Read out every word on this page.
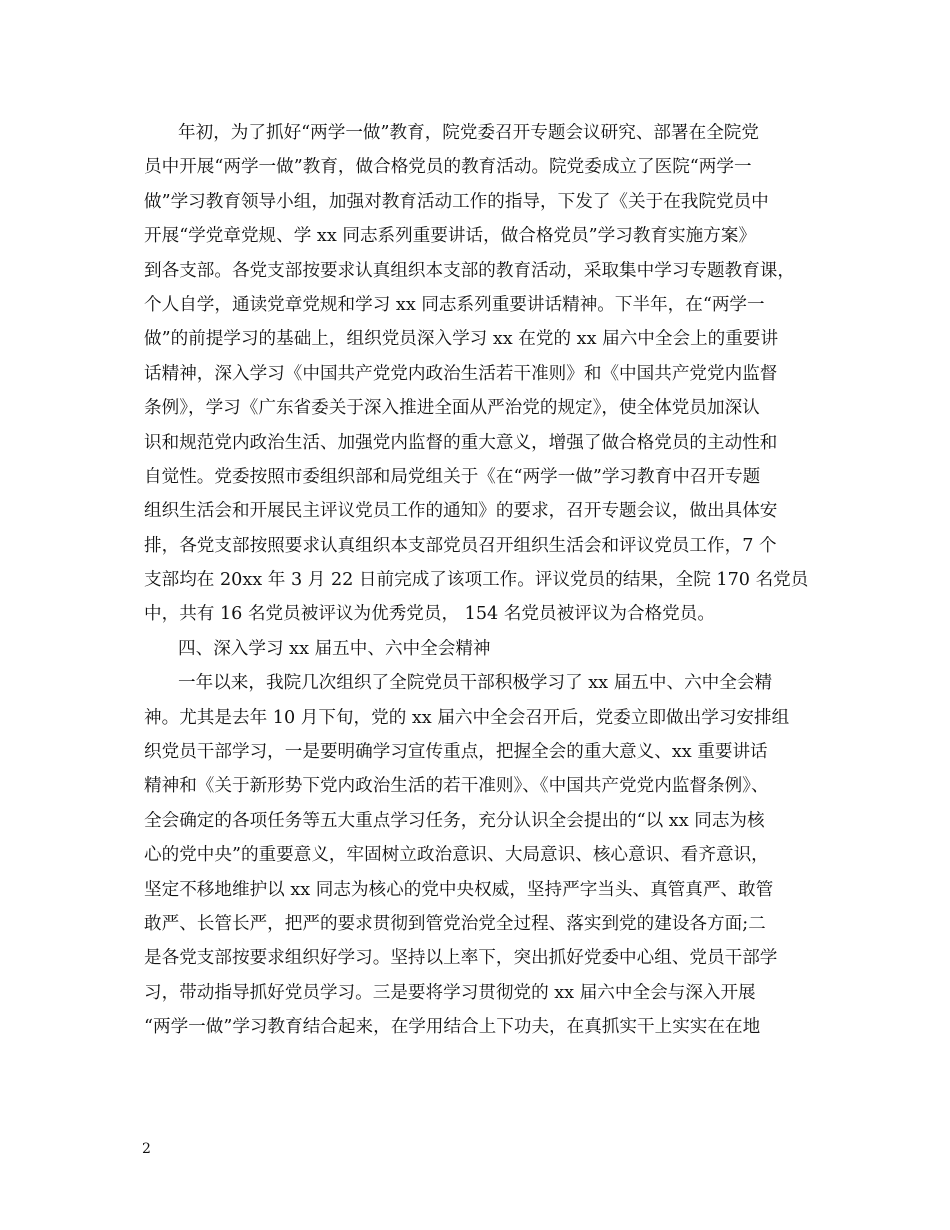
年初，为了抓好“两学一做”教育，院党委召开专题会议研究、部署在全院党
员中开展“两学一做”教育，做合格党员的教育活动。院党委成立了医院“两学一
做”学习教育领导小组，加强对教育活动工作的指导，下发了《关于在我院党员中
开展“学党章党规、学 xx 同志系列重要讲话，做合格党员”学习教育实施方案》
到各支部。各党支部按要求认真组织本支部的教育活动，采取集中学习专题教育课，
个人自学，通读党章党规和学习 xx 同志系列重要讲话精神。下半年，在“两学一
做”的前提学习的基础上，组织党员深入学习 xx 在党的 xx 届六中全会上的重要讲
话精神，深入学习《中国共产党党内政治生活若干准则》和《中国共产党党内监督
条例》，学习《广东省委关于深入推进全面从严治党的规定》，使全体党员加深认
识和规范党内政治生活、加强党内监督的重大意义，增强了做合格党员的主动性和
自觉性。党委按照市委组织部和局党组关于《在“两学一做”学习教育中召开专题
组织生活会和开展民主评议党员工作的通知》的要求，召开专题会议，做出具体安
排，各党支部按照要求认真组织本支部党员召开组织生活会和评议党员工作，7 个
支部均在 20xx 年 3 月 22 日前完成了该项工作。评议党员的结果，全院 170 名党员
中，共有 16 名党员被评议为优秀党员， 154 名党员被评议为合格党员。
四、深入学习 xx 届五中、六中全会精神
一年以来，我院几次组织了全院党员干部积极学习了 xx 届五中、六中全会精
神。尤其是去年 10 月下旬，党的 xx 届六中全会召开后，党委立即做出学习安排组
织党员干部学习，一是要明确学习宣传重点，把握全会的重大意义、xx 重要讲话
精神和《关于新形势下党内政治生活的若干准则》、《中国共产党党内监督条例》、
全会确定的各项任务等五大重点学习任务，充分认识全会提出的“以 xx 同志为核
心的党中央”的重要意义，牢固树立政治意识、大局意识、核心意识、看齐意识，
坚定不移地维护以 xx 同志为核心的党中央权威，坚持严字当头、真管真严、敢管
敢严、长管长严，把严的要求贯彻到管党治党全过程、落实到党的建设各方面;二
是各党支部按要求组织好学习。坚持以上率下，突出抓好党委中心组、党员干部学
习，带动指导抓好党员学习。三是要将学习贯彻党的 xx 届六中全会与深入开展
“两学一做”学习教育结合起来，在学用结合上下功夫，在真抓实干上实实在在地
2
